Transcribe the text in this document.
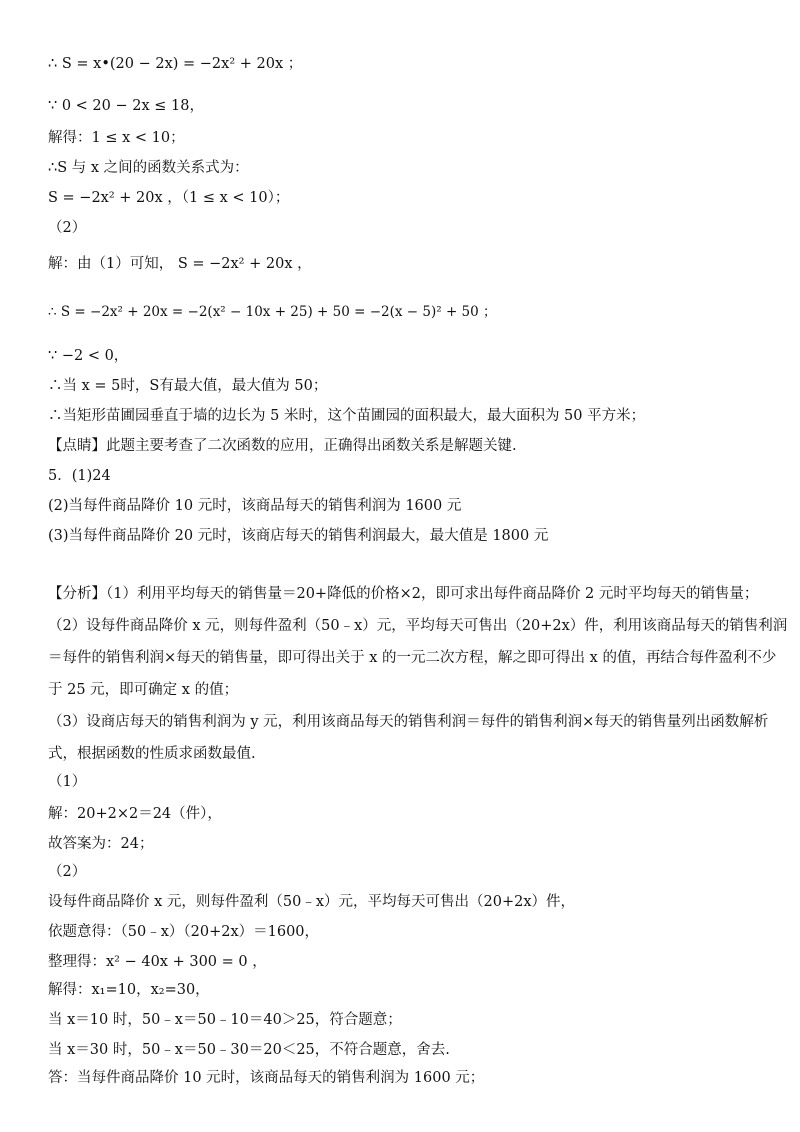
∴ S = x•(20 − 2x) = −2x² + 20x ；
∵ 0 < 20 − 2x ≤ 18，
解得：1 ≤ x < 10；
∴S 与 x 之间的函数关系式为：
S = −2x² + 20x ，（1 ≤ x < 10）；
（2）
解：由（1）可知， S = −2x² + 20x ，
∴ S = −2x² + 20x = −2(x² − 10x + 25) + 50 = −2(x − 5)² + 50 ；
∵ −2 < 0，
∴当 x = 5时，S有最大值，最大值为 50；
∴当矩形苗圃园垂直于墙的边长为 5 米时，这个苗圃园的面积最大，最大面积为 50 平方米；
【点睛】此题主要考查了二次函数的应用，正确得出函数关系是解题关键.
5．(1)24
(2)当每件商品降价 10 元时，该商品每天的销售利润为 1600 元
(3)当每件商品降价 20 元时，该商店每天的销售利润最大，最大值是 1800 元
【分析】（1）利用平均每天的销售量＝20+降低的价格×2，即可求出每件商品降价 2 元时平均每天的销售量；
（2）设每件商品降价 x 元，则每件盈利（50﹣x）元，平均每天可售出（20+2x）件，利用该商品每天的销售利润
＝每件的销售利润×每天的销售量，即可得出关于 x 的一元二次方程，解之即可得出 x 的值，再结合每件盈利不少
于 25 元，即可确定 x 的值；
（3）设商店每天的销售利润为 y 元，利用该商品每天的销售利润＝每件的销售利润×每天的销售量列出函数解析
式，根据函数的性质求函数最值.
（1）
解：20+2×2＝24（件），
故答案为：24；
（2）
设每件商品降价 x 元，则每件盈利（50﹣x）元，平均每天可售出（20+2x）件，
依题意得：（50﹣x）（20+2x）＝1600，
整理得：x² − 40x + 300 = 0 ，
解得：x₁=10，x₂=30，
当 x＝10 时，50﹣x＝50﹣10＝40＞25，符合题意；
当 x＝30 时，50﹣x＝50﹣30＝20＜25，不符合题意，舍去.
答：当每件商品降价 10 元时，该商品每天的销售利润为 1600 元；
